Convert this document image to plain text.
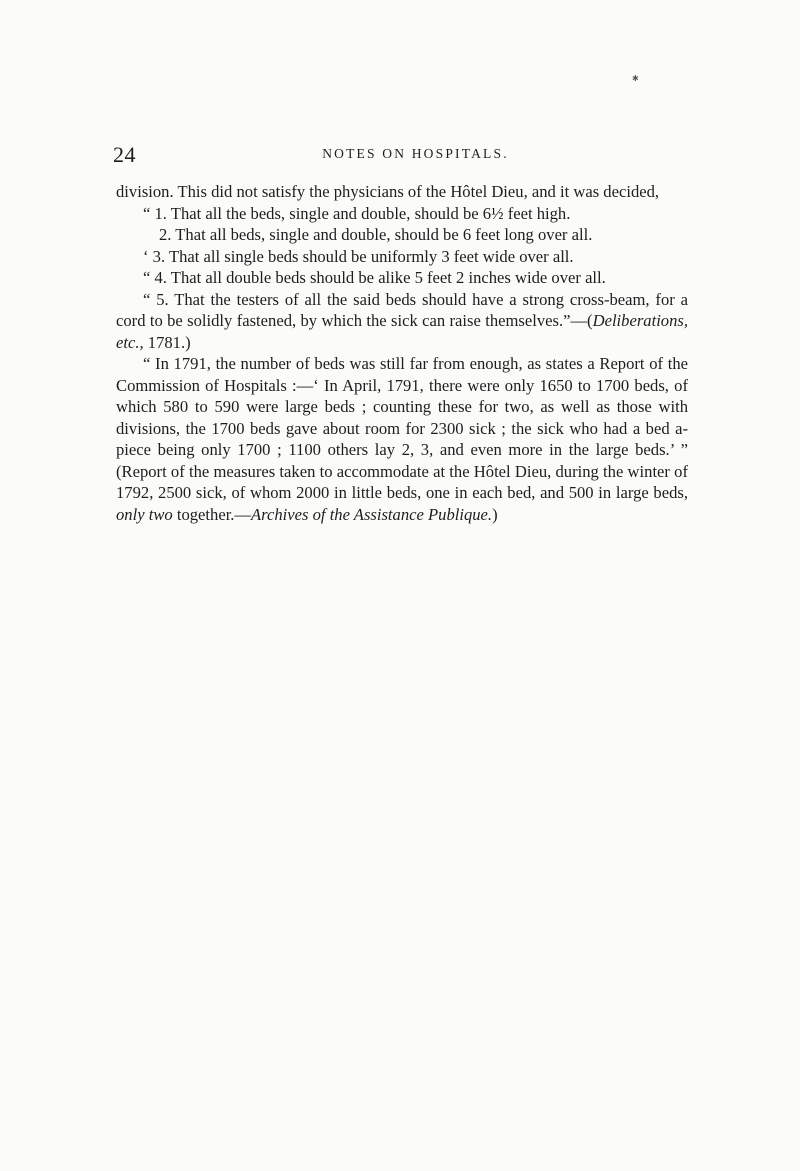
✱
24	NOTES ON HOSPITALS.

division. This did not satisfy the physicians of the Hôtel Dieu, and it was decided,

“ 1. That all the beds, single and double, should be 6½ feet high.

2. That all beds, single and double, should be 6 feet long over all.

‘ 3. That all single beds should be uniformly 3 feet wide over all.

“ 4. That all double beds should be alike 5 feet 2 inches wide over all.

“ 5. That the testers of all the said beds should have a strong cross-beam, for a cord to be solidly fastened, by which the sick can raise themselves.”—(Deliberations, etc., 1781.)

“ In 1791, the number of beds was still far from enough, as states a Report of the Commission of Hospitals :—‘ In April, 1791, there were only 1650 to 1700 beds, of which 580 to 590 were large beds ; counting these for two, as well as those with divisions, the 1700 beds gave about room for 2300 sick ; the sick who had a bed a-piece being only 1700 ; 1100 others lay 2, 3, and even more in the large beds.’ ” (Report of the measures taken to accommodate at the Hôtel Dieu, during the winter of 1792, 2500 sick, of whom 2000 in little beds, one in each bed, and 500 in large beds, only two together.—Archives of the Assistance Publique.)
